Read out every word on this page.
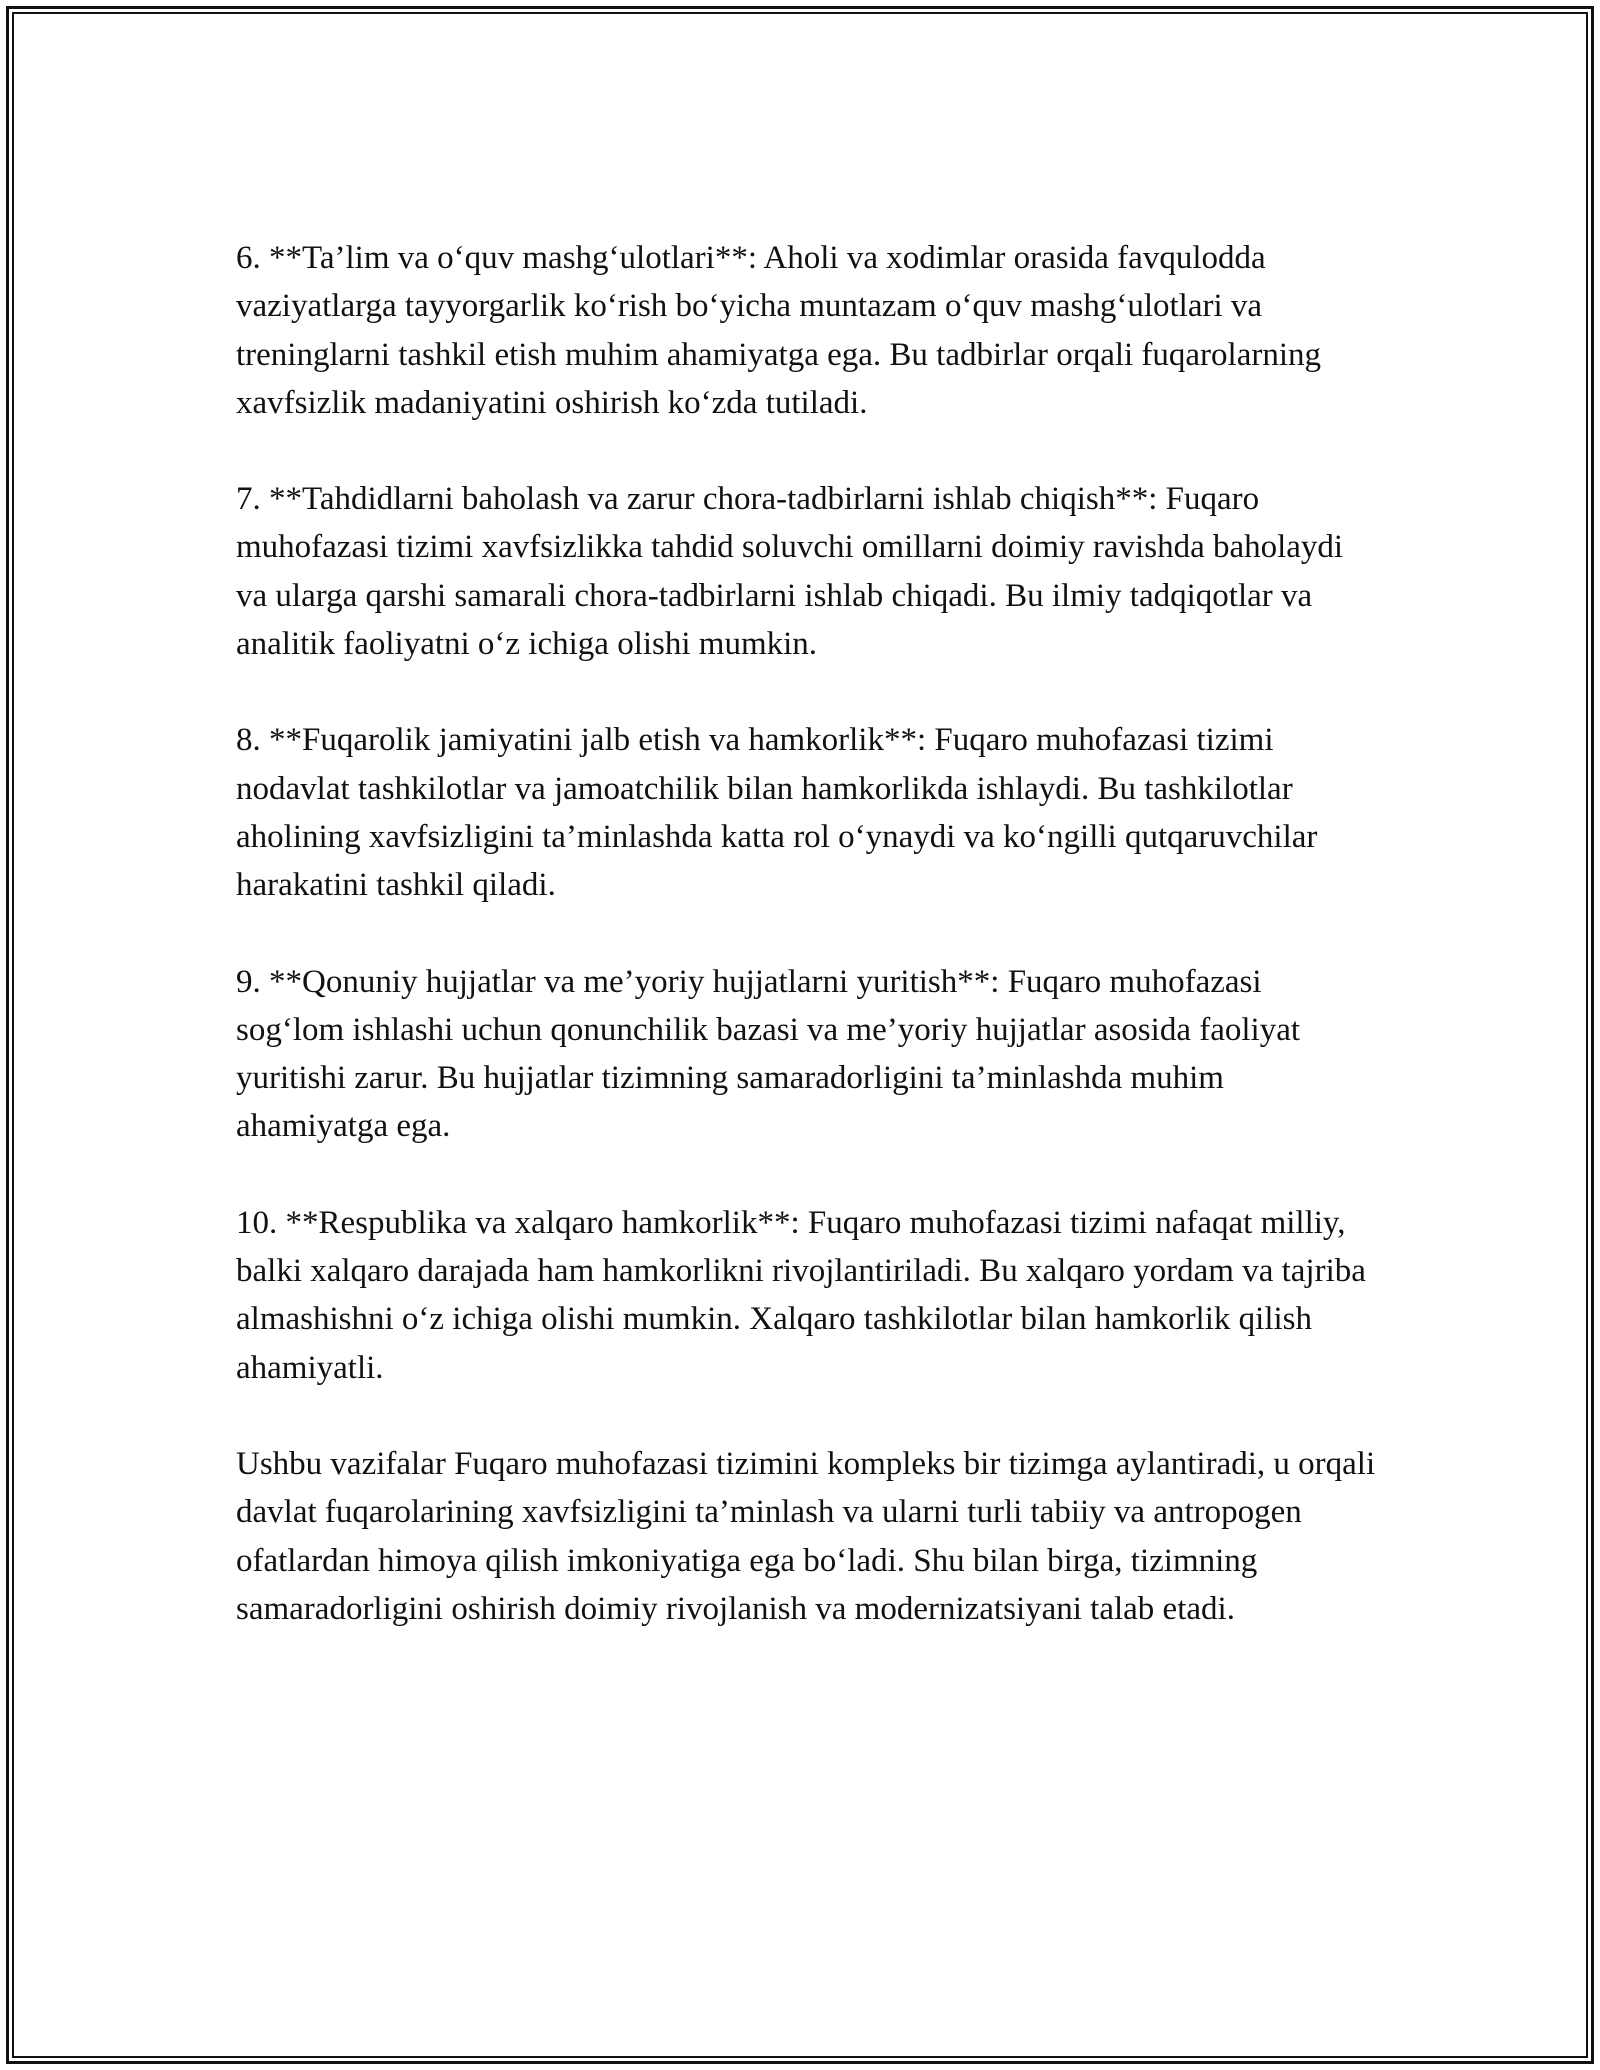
6. **Ta’lim va o‘quv mashg‘ulotlari**: Aholi va xodimlar orasida favqulodda vaziyatlarga tayyorgarlik ko‘rish bo‘yicha muntazam o‘quv mashg‘ulotlari va treninglarni tashkil etish muhim ahamiyatga ega. Bu tadbirlar orqali fuqarolarning xavfsizlik madaniyatini oshirish ko‘zda tutiladi.

7. **Tahdidlarni baholash va zarur chora-tadbirlarni ishlab chiqish**: Fuqaro muhofazasi tizimi xavfsizlikka tahdid soluvchi omillarni doimiy ravishda baholaydi va ularga qarshi samarali chora-tadbirlarni ishlab chiqadi. Bu ilmiy tadqiqotlar va analitik faoliyatni o‘z ichiga olishi mumkin.

8. **Fuqarolik jamiyatini jalb etish va hamkorlik**: Fuqaro muhofazasi tizimi nodavlat tashkilotlar va jamoatchilik bilan hamkorlikda ishlaydi. Bu tashkilotlar aholining xavfsizligini ta’minlashda katta rol o‘ynaydi va ko‘ngilli qutqaruvchilar harakatini tashkil qiladi.

9. **Qonuniy hujjatlar va me’yoriy hujjatlarni yuritish**: Fuqaro muhofazasi sog‘lom ishlashi uchun qonunchilik bazasi va me’yoriy hujjatlar asosida faoliyat yuritishi zarur. Bu hujjatlar tizimning samaradorligini ta’minlashda muhim ahamiyatga ega.

10. **Respublika va xalqaro hamkorlik**: Fuqaro muhofazasi tizimi nafaqat milliy, balki xalqaro darajada ham hamkorlikni rivojlantiriladi. Bu xalqaro yordam va tajriba almashishni o‘z ichiga olishi mumkin. Xalqaro tashkilotlar bilan hamkorlik qilish ahamiyatli.

Ushbu vazifalar Fuqaro muhofazasi tizimini kompleks bir tizimga aylantiradi, u orqali davlat fuqarolarining xavfsizligini ta’minlash va ularni turli tabiiy va antropogen ofatlardan himoya qilish imkoniyatiga ega bo‘ladi. Shu bilan birga, tizimning samaradorligini oshirish doimiy rivojlanish va modernizatsiyani talab etadi.
